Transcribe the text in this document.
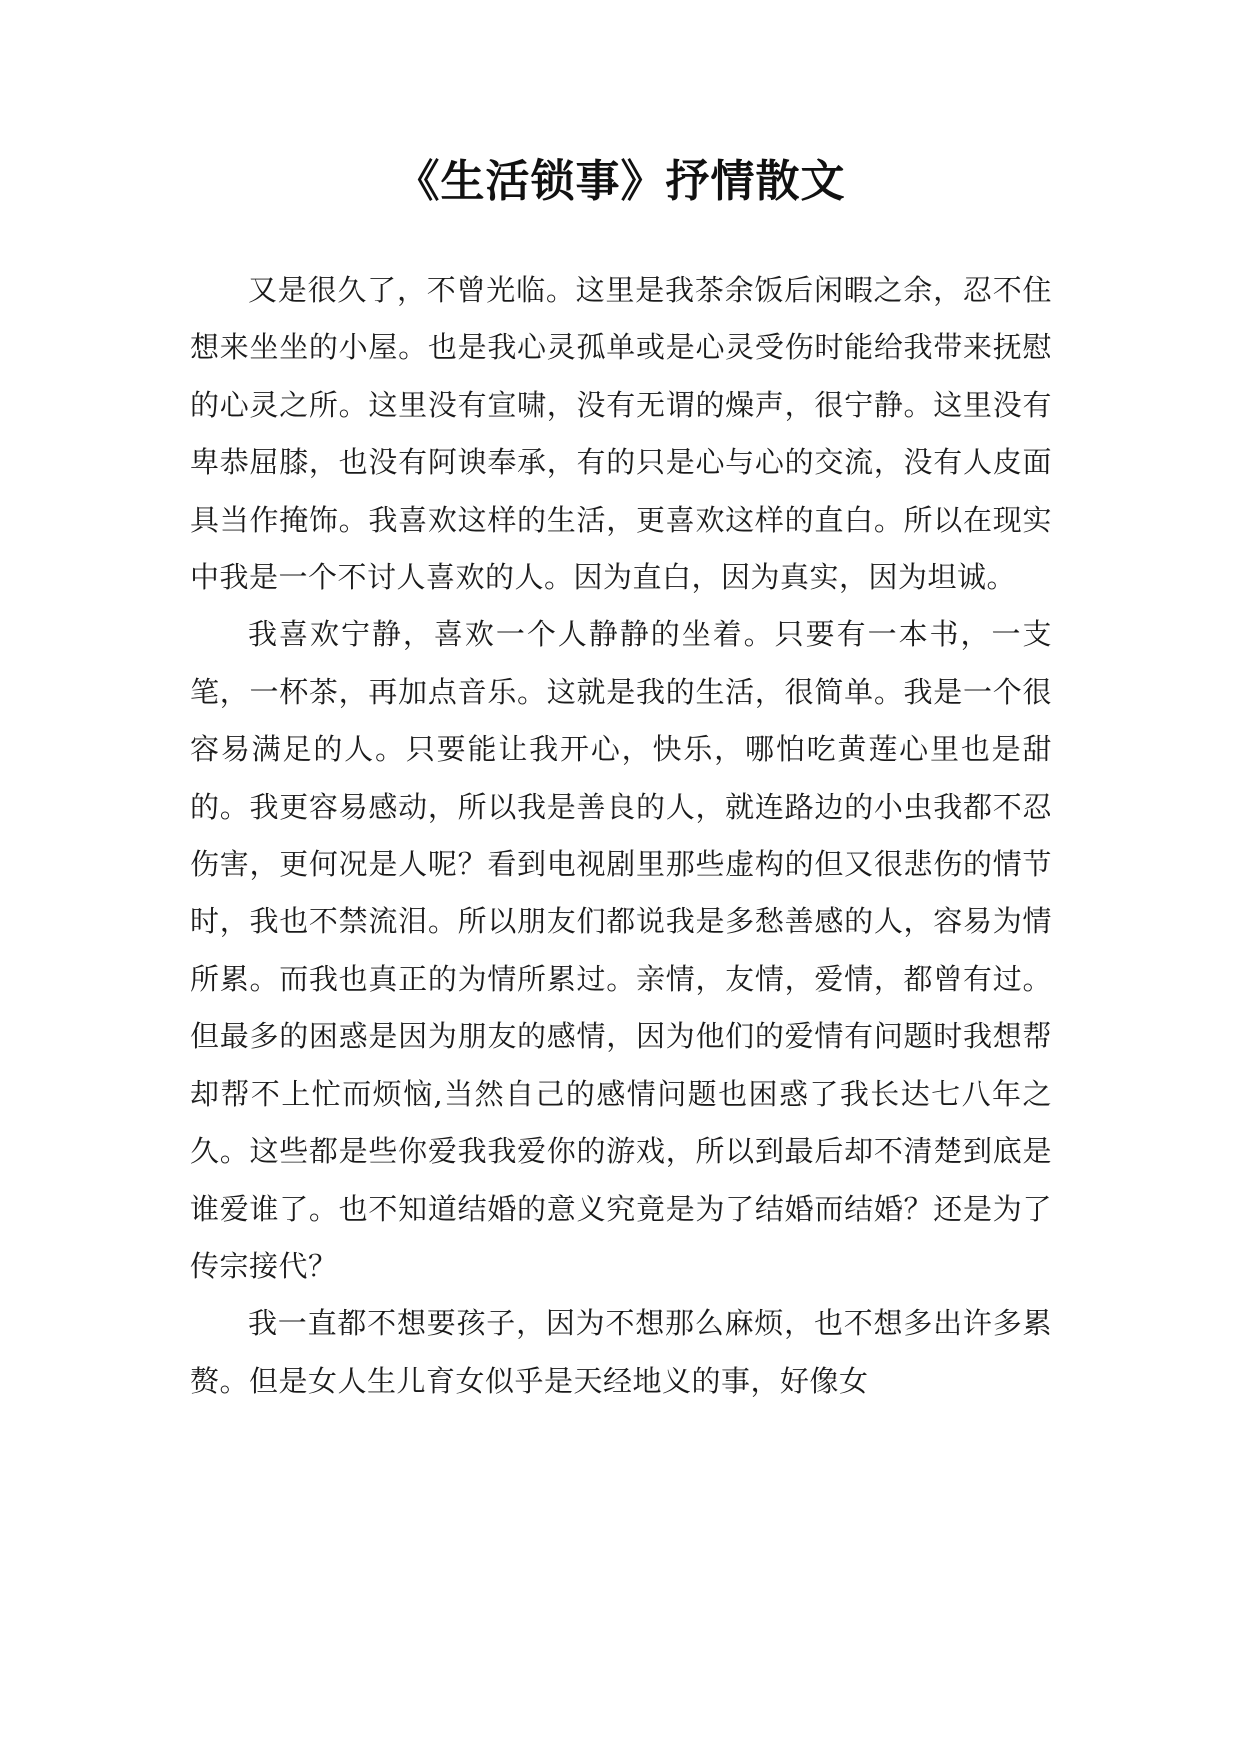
《生活锁事》抒情散文

又是很久了，不曾光临。这里是我茶余饭后闲暇之余，忍不住想来坐坐的小屋。也是我心灵孤单或是心灵受伤时能给我带来抚慰的心灵之所。这里没有宣啸，没有无谓的燥声，很宁静。这里没有卑恭屈膝，也没有阿谀奉承，有的只是心与心的交流，没有人皮面具当作掩饰。我喜欢这样的生活，更喜欢这样的直白。所以在现实中我是一个不讨人喜欢的人。因为直白，因为真实，因为坦诚。

我喜欢宁静，喜欢一个人静静的坐着。只要有一本书，一支笔，一杯茶，再加点音乐。这就是我的生活，很简单。我是一个很容易满足的人。只要能让我开心，快乐，哪怕吃黄莲心里也是甜的。我更容易感动，所以我是善良的人，就连路边的小虫我都不忍伤害，更何况是人呢？看到电视剧里那些虚构的但又很悲伤的情节时，我也不禁流泪。所以朋友们都说我是多愁善感的人，容易为情所累。而我也真正的为情所累过。亲情，友情，爱情，都曾有过。但最多的困惑是因为朋友的感情，因为他们的爱情有问题时我想帮却帮不上忙而烦恼,当然自己的感情问题也困惑了我长达七八年之久。这些都是些你爱我我爱你的游戏，所以到最后却不清楚到底是谁爱谁了。也不知道结婚的意义究竟是为了结婚而结婚？还是为了传宗接代？

我一直都不想要孩子，因为不想那么麻烦，也不想多出许多累赘。但是女人生儿育女似乎是天经地义的事，好像女
